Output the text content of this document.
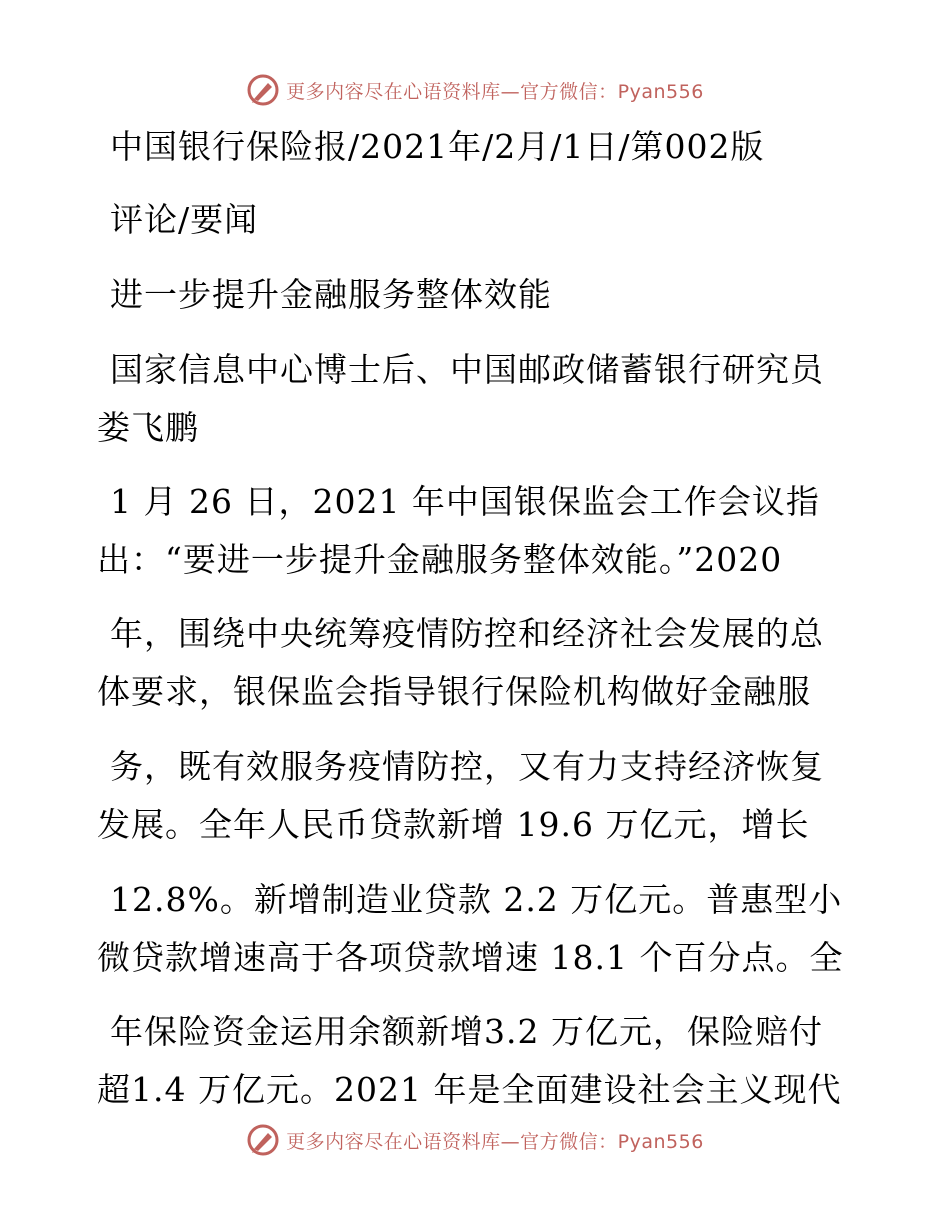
更多内容尽在心语资料库—官方微信：Pyan556
中国银行保险报/2021年/2月/1日/第002版
评论/要闻
进一步提升金融服务整体效能
国家信息中心博士后、中国邮政储蓄银行研究员
娄飞鹏
1 月 26 日，2021 年中国银保监会工作会议指
出：“要进一步提升金融服务整体效能。”2020
年，围绕中央统筹疫情防控和经济社会发展的总
体要求，银保监会指导银行保险机构做好金融服
务，既有效服务疫情防控，又有力支持经济恢复
发展。全年人民币贷款新增 19.6 万亿元，增长
12.8%。新增制造业贷款 2.2 万亿元。普惠型小
微贷款增速高于各项贷款增速 18.1 个百分点。全
年保险资金运用余额新增3.2 万亿元，保险赔付
超1.4 万亿元。2021 年是全面建设社会主义现代
更多内容尽在心语资料库—官方微信：Pyan556
